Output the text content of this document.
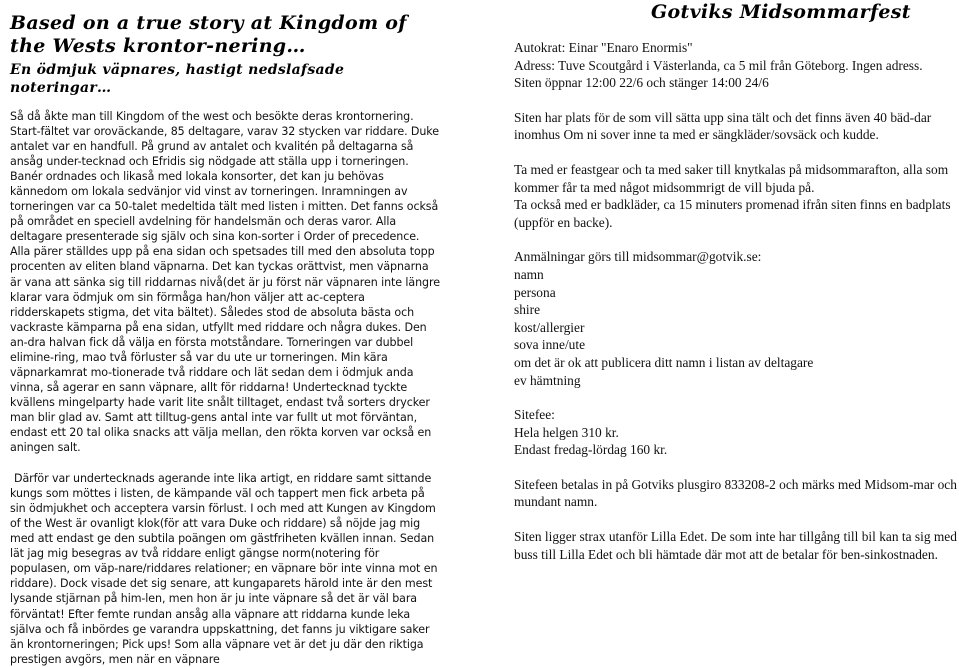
Based on a true story at Kingdom of the Wests krontor-nering…
En ödmjuk väpnares, hastigt nedslafsade noteringar…

Så då åkte man till Kingdom of the west och besökte deras krontornering. Start-fältet var oroväckande, 85 deltagare, varav 32 stycken var riddare. Duke antalet var en handfull. På grund av antalet och kvalitén på deltagarna så ansåg under-tecknad och Efridis sig nödgade att ställa upp i torneringen. Banér ordnades och likaså med lokala konsorter, det kan ju behövas kännedom om lokala sedvänjor vid vinst av torneringen. Inramningen av torneringen var ca 50-talet medeltida tält med listen i mitten. Det fanns också på området en speciell avdelning för handelsmän och deras varor. Alla deltagare presenterade sig själv och sina kon-sorter i Order of precedence. Alla pärer ställdes upp på ena sidan och spetsades till med den absoluta topp procenten av eliten bland väpnarna. Det kan tyckas orättvist, men väpnarna är vana att sänka sig till riddarnas nivå(det är ju först när väpnaren inte längre klarar vara ödmjuk om sin förmåga han/hon väljer att ac-ceptera ridderskapets stigma, det vita bältet). Således stod de absoluta bästa och vackraste kämparna på ena sidan, utfyllt med riddare och några dukes. Den an-dra halvan fick då välja en första motståndare. Torneringen var dubbel elimine-ring, mao två förluster så var du ute ur torneringen. Min kära väpnarkamrat mo-tionerade två riddare och lät sedan dem i ödmjuk anda vinna, så agerar en sann väpnare, allt för riddarna! Undertecknad tyckte kvällens mingelparty hade varit lite snålt tilltaget, endast två sorters drycker man blir glad av. Samt att tilltug-gens antal inte var fullt ut mot förväntan, endast ett 20 tal olika snacks att välja mellan, den rökta korven var också en aningen salt.

Därför var undertecknads agerande inte lika artigt, en riddare samt sittande kungs som möttes i listen, de kämpande väl och tappert men fick arbeta på sin ödmjukhet och acceptera varsin förlust. I och med att Kungen av Kingdom of the West är ovanligt klok(för att vara Duke och riddare) så nöjde jag mig med att endast ge den subtila poängen om gästfriheten kvällen innan. Sedan lät jag mig besegras av två riddare enligt gängse norm(notering för populasen, om väp-nare/riddares relationer; en väpnare bör inte vinna mot en riddare). Dock visade det sig senare, att kungaparets härold inte är den mest lysande stjärnan på him-len, men hon är ju inte väpnare så det är väl bara förväntat! Efter femte rundan ansåg alla väpnare att riddarna kunde leka själva och få inbördes ge varandra uppskattning, det fanns ju viktigare saker än krontorneringen; Pick ups! Som alla väpnare vet är det ju där den riktiga prestigen avgörs, men när en väpnare

Gotviks Midsommarfest

Autokrat: Einar "Enaro Enormis"

Adress: Tuve Scoutgård i Västerlanda, ca 5 mil från Göteborg. Ingen adress.

Siten öppnar 12:00 22/6 och stänger 14:00 24/6

Siten har plats för de som vill sätta upp sina tält och det finns även 40 bäd-dar inomhus Om ni sover inne ta med er sängkläder/sovsäck och kudde.

Ta med er feastgear och ta med saker till knytkalas på midsommarafton, alla som kommer får ta med något midsommrigt de vill bjuda på.

Ta också med er badkläder, ca 15 minuters promenad ifrån siten finns en badplats (uppför en backe).

Anmälningar görs till midsommar@gotvik.se:

namn

persona

shire

kost/allergier

sova inne/ute

om det är ok att publicera ditt namn i listan av deltagare

ev hämtning

Sitefee:

Hela helgen 310 kr.

Endast fredag-lördag 160 kr.

Sitefeen betalas in på Gotviks plusgiro 833208-2 och märks med Midsom-mar och mundant namn.

Siten ligger strax utanför Lilla Edet. De som inte har tillgång till bil kan ta sig med buss till Lilla Edet och bli hämtade där mot att de betalar för ben-sinkostnaden.
